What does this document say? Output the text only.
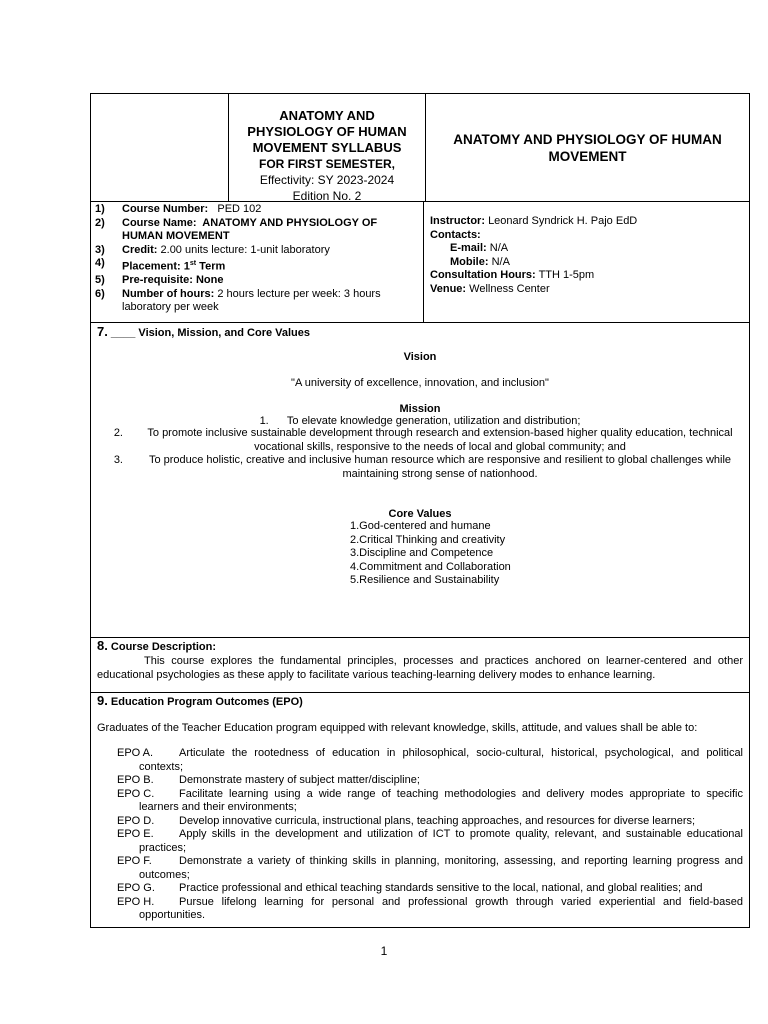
ANATOMY AND
PHYSIOLOGY OF HUMAN
MOVEMENT SYLLABUS
FOR FIRST SEMESTER,
Effectivity: SY 2023-2024
Edition No. 2
ANATOMY AND PHYSIOLOGY OF HUMAN MOVEMENT
1)	Course Number: PED 102
2)	Course Name: ANATOMY AND PHYSIOLOGY OF HUMAN MOVEMENT
3)	Credit: 2.00 units lecture: 1-unit laboratory
4)	Placement: 1st Term
5)	Pre-requisite: None
6)	Number of hours: 2 hours lecture per week: 3 hours laboratory per week
Instructor: Leonard Syndrick H. Pajo EdD
Contacts:
E-mail: N/A
Mobile: N/A
Consultation Hours: TTH 1-5pm
Venue: Wellness Center
7. ____ Vision, Mission, and Core Values
Vision
"A university of excellence, innovation, and inclusion"
Mission
1. To elevate knowledge generation, utilization and distribution;
2.	To promote inclusive sustainable development through research and extension-based higher quality education, technical vocational skills, responsive to the needs of local and global community; and
3.	To produce holistic, creative and inclusive human resource which are responsive and resilient to global challenges while maintaining strong sense of nationhood.
Core Values
1.God-centered and humane
2.Critical Thinking and creativity
3.Discipline and Competence
4.Commitment and Collaboration
5.Resilience and Sustainability
8. Course Description:
This course explores the fundamental principles, processes and practices anchored on learner-centered and other educational psychologies as these apply to facilitate various teaching-learning delivery modes to enhance learning.
9. Education Program Outcomes (EPO)
Graduates of the Teacher Education program equipped with relevant knowledge, skills, attitude, and values shall be able to:
EPO A. Articulate the rootedness of education in philosophical, socio-cultural, historical, psychological, and political contexts;
EPO B. Demonstrate mastery of subject matter/discipline;
EPO C. Facilitate learning using a wide range of teaching methodologies and delivery modes appropriate to specific learners and their environments;
EPO D. Develop innovative curricula, instructional plans, teaching approaches, and resources for diverse learners;
EPO E. Apply skills in the development and utilization of ICT to promote quality, relevant, and sustainable educational practices;
EPO F. Demonstrate a variety of thinking skills in planning, monitoring, assessing, and reporting learning progress and outcomes;
EPO G. Practice professional and ethical teaching standards sensitive to the local, national, and global realities; and
EPO H. Pursue lifelong learning for personal and professional growth through varied experiential and field-based opportunities.
1
